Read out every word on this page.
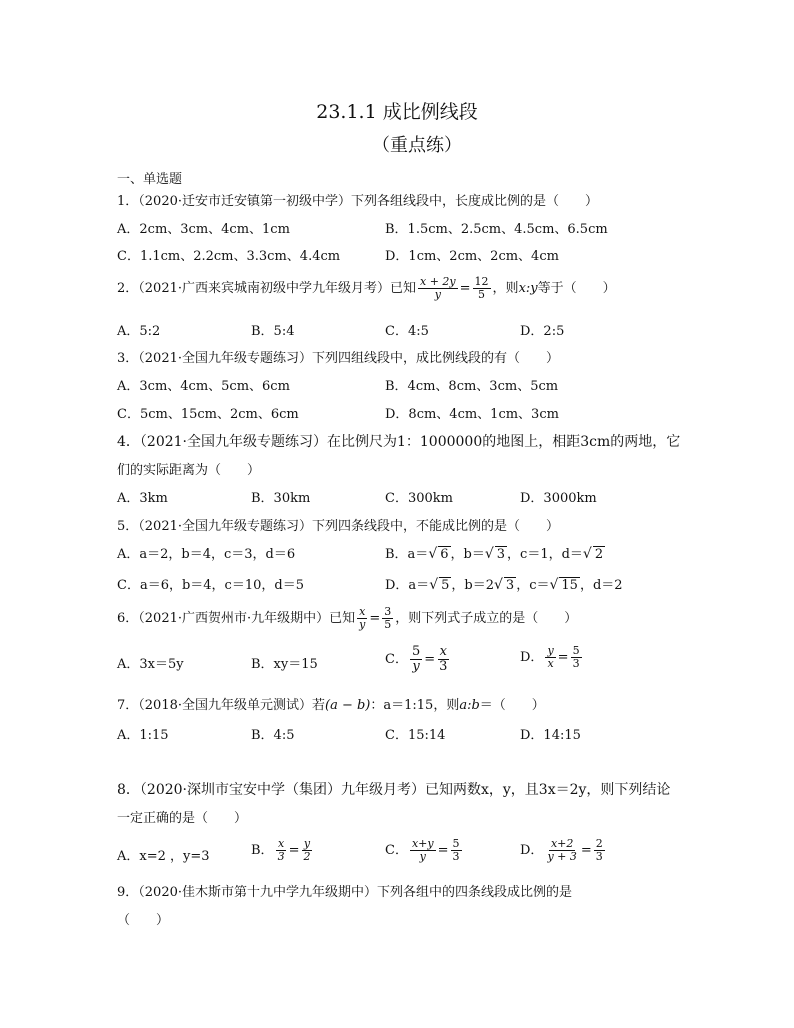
23.1.1 成比例线段
（重点练）
一、单选题
1．（2020·迁安市迁安镇第一初级中学）下列各组线段中，长度成比例的是（　　）
A．2cm、3cm、4cm、1cm	B．1.5cm、2.5cm、4.5cm、6.5cm
C．1.1cm、2.2cm、3.3cm、4.4cm	D．1cm、2cm、2cm、4cm
2．（2021·广西来宾城南初级中学九年级月考）已知 $\frac{x + 2y}{y} = \frac{12}{5}$ ，则x:y等于（　　）
A．5:2	B．5:4	C．4:5	D．2:5
3．（2021·全国九年级专题练习）下列四组线段中，成比例线段的有（　　）
A．3cm、4cm、5cm、6cm	B．4cm、8cm、3cm、5cm
C．5cm、15cm、2cm、6cm	D．8cm、4cm、1cm、3cm
4．（2021·全国九年级专题练习）在比例尺为1：1000000的地图上，相距3cm的两地，它
们的实际距离为（　　）
A．3km	B．30km	C．300km	D．3000km
5．（2021·全国九年级专题练习）下列四条线段中，不能成比例的是（　　）
A．a＝2，b＝4，c＝3，d＝6	B．a＝√ 6 ，b＝√ 3 ，c＝1，d＝√ 2
C．a＝6，b＝4，c＝10，d＝5	D．a＝√ 5 ，b＝2√ 3 ，c＝√ 15 ，d＝2
6．（2021·广西贺州市·九年级期中）已知 $\frac{x}{y} = \frac{3}{5}$ ，则下列式子成立的是（　　）
A．3x＝5y	B．xy＝15	C． $\frac{5}{y} = \frac{x}{3}$	D． $\frac{y}{x} = \frac{5}{3}$
7．（2018·全国九年级单元测试）若(a − b)：a＝1:15，则a:b＝（　　）
A．1:15	B．4:5	C．15:14	D．14:15
8．（2020·深圳市宝安中学（集团）九年级月考）已知两数x，y，且3x＝2y，则下列结论
一定正确的是（　　）
A．x=2 ，y=3	B． $\frac{x}{3} = \frac{y}{2}$	C． $\frac{x+y}{y} = \frac{5}{3}$	D． $\frac{x+2}{y + 3} = \frac{2}{3}$
9．（2020·佳木斯市第十九中学九年级期中）下列各组中的四条线段成比例的是
（　　）
